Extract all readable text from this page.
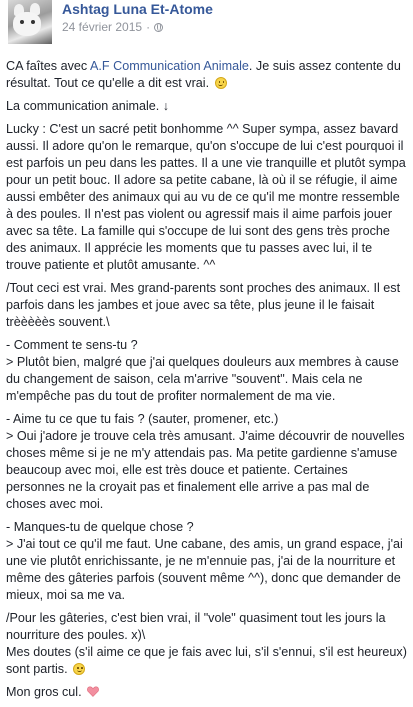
Ashtag Luna Et-Atome
24 février 2015 ·

CA faîtes avec A.F Communication Animale. Je suis assez contente du résultat. Tout ce qu'elle a dit est vrai.

La communication animale. ↓

Lucky : C'est un sacré petit bonhomme ^^ Super sympa, assez bavard aussi. Il adore qu'on le remarque, qu'on s'occupe de lui c'est pourquoi il est parfois un peu dans les pattes. Il a une vie tranquille et plutôt sympa pour un petit bouc. Il adore sa petite cabane, là où il se réfugie, il aime aussi embêter des animaux qui au vu de ce qu'il me montre ressemble à des poules. Il n'est pas violent ou agressif mais il aime parfois jouer avec sa tête. La famille qui s'occupe de lui sont des gens très proche des animaux. Il apprécie les moments que tu passes avec lui, il te trouve patiente et plutôt amusante. ^^

/Tout ceci est vrai. Mes grand-parents sont proches des animaux. Il est parfois dans les jambes et joue avec sa tête, plus jeune il le faisait trèèèèès souvent.\

- Comment te sens-tu ?
> Plutôt bien, malgré que j'ai quelques douleurs aux membres à cause du changement de saison, cela m'arrive "souvent". Mais cela ne m'empêche pas du tout de profiter normalement de ma vie.

- Aime tu ce que tu fais ? (sauter, promener, etc.)
> Oui j'adore je trouve cela très amusant. J'aime découvrir de nouvelles choses même si je ne m'y attendais pas. Ma petite gardienne s'amuse beaucoup avec moi, elle est très douce et patiente. Certaines personnes ne la croyait pas et finalement elle arrive a pas mal de choses avec moi.

- Manques-tu de quelque chose ?
> J'ai tout ce qu'il me faut. Une cabane, des amis, un grand espace, j'ai une vie plutôt enrichissante, je ne m'ennuie pas, j'ai de la nourriture et même des gâteries parfois (souvent même ^^), donc que demander de mieux, moi sa me va.

/Pour les gâteries, c'est bien vrai, il "vole" quasiment tout les jours la nourriture des poules. x)\
Mes doutes (s'il aime ce que je fais avec lui, s'il s'ennui, s'il est heureux) sont partis.

Mon gros cul.
